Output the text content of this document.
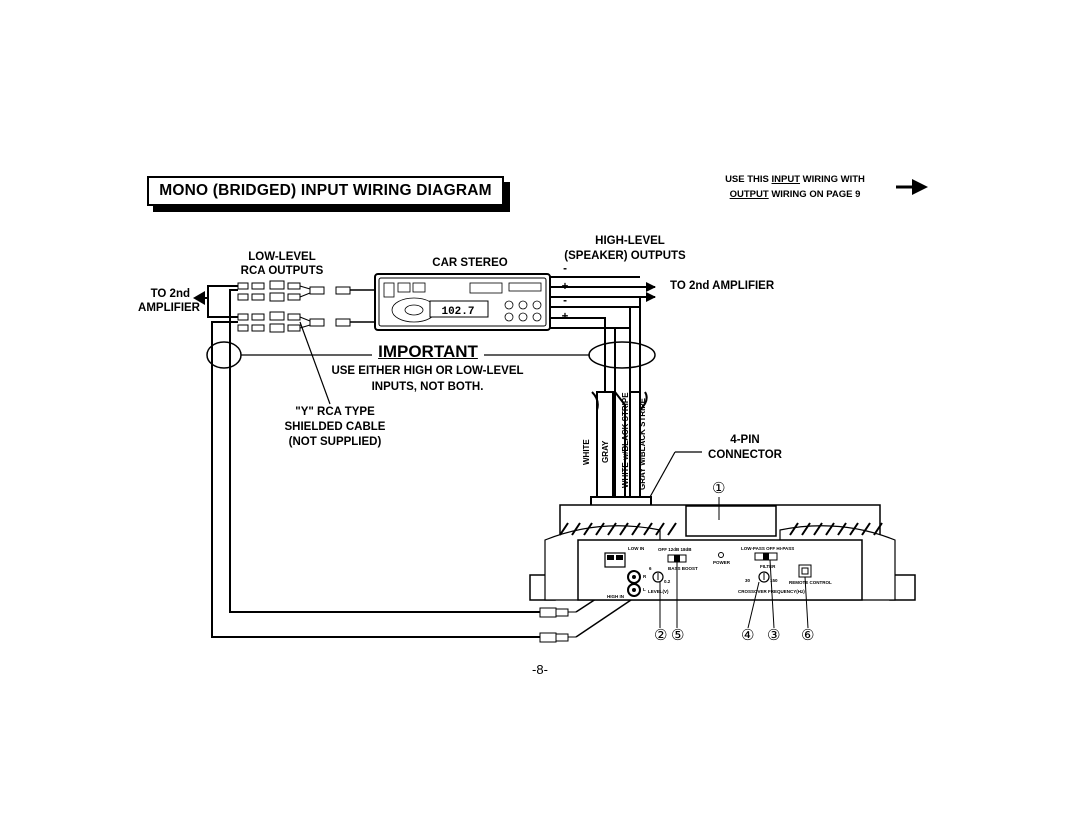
MONO (BRIDGED) INPUT WIRING DIAGRAM
USE THIS INPUT WIRING WITH
OUTPUT WIRING ON PAGE 9
102.7
LOW IN
HIGH IN
OFF 12dB 18dB
BASS BOOST
POWER
LOW-PASS OFF HI-PASS
FILTER
CROSSOVER FREQUENCY(Hz)
LEVEL(V)
REMOTE CONTROL
6
0.2	30	150
R
L
LOW-LEVEL
RCA OUTPUTS
CAR STEREO
HIGH-LEVEL
(SPEAKER) OUTPUTS
TO 2nd AMPLIFIER
TO 2nd
AMPLIFIER
-
+
-
+
IMPORTANT
USE EITHER HIGH OR LOW-LEVEL
INPUTS, NOT BOTH.
"Y" RCA TYPE
SHIELDED CABLE
(NOT SUPPLIED)	4-PIN
CONNECTOR
WHITE GRAY WHITE w/BLACK STRIPE GRAY w/BLACK STRIPE	①
② ⑤	④ ③ ⑥
-8-
